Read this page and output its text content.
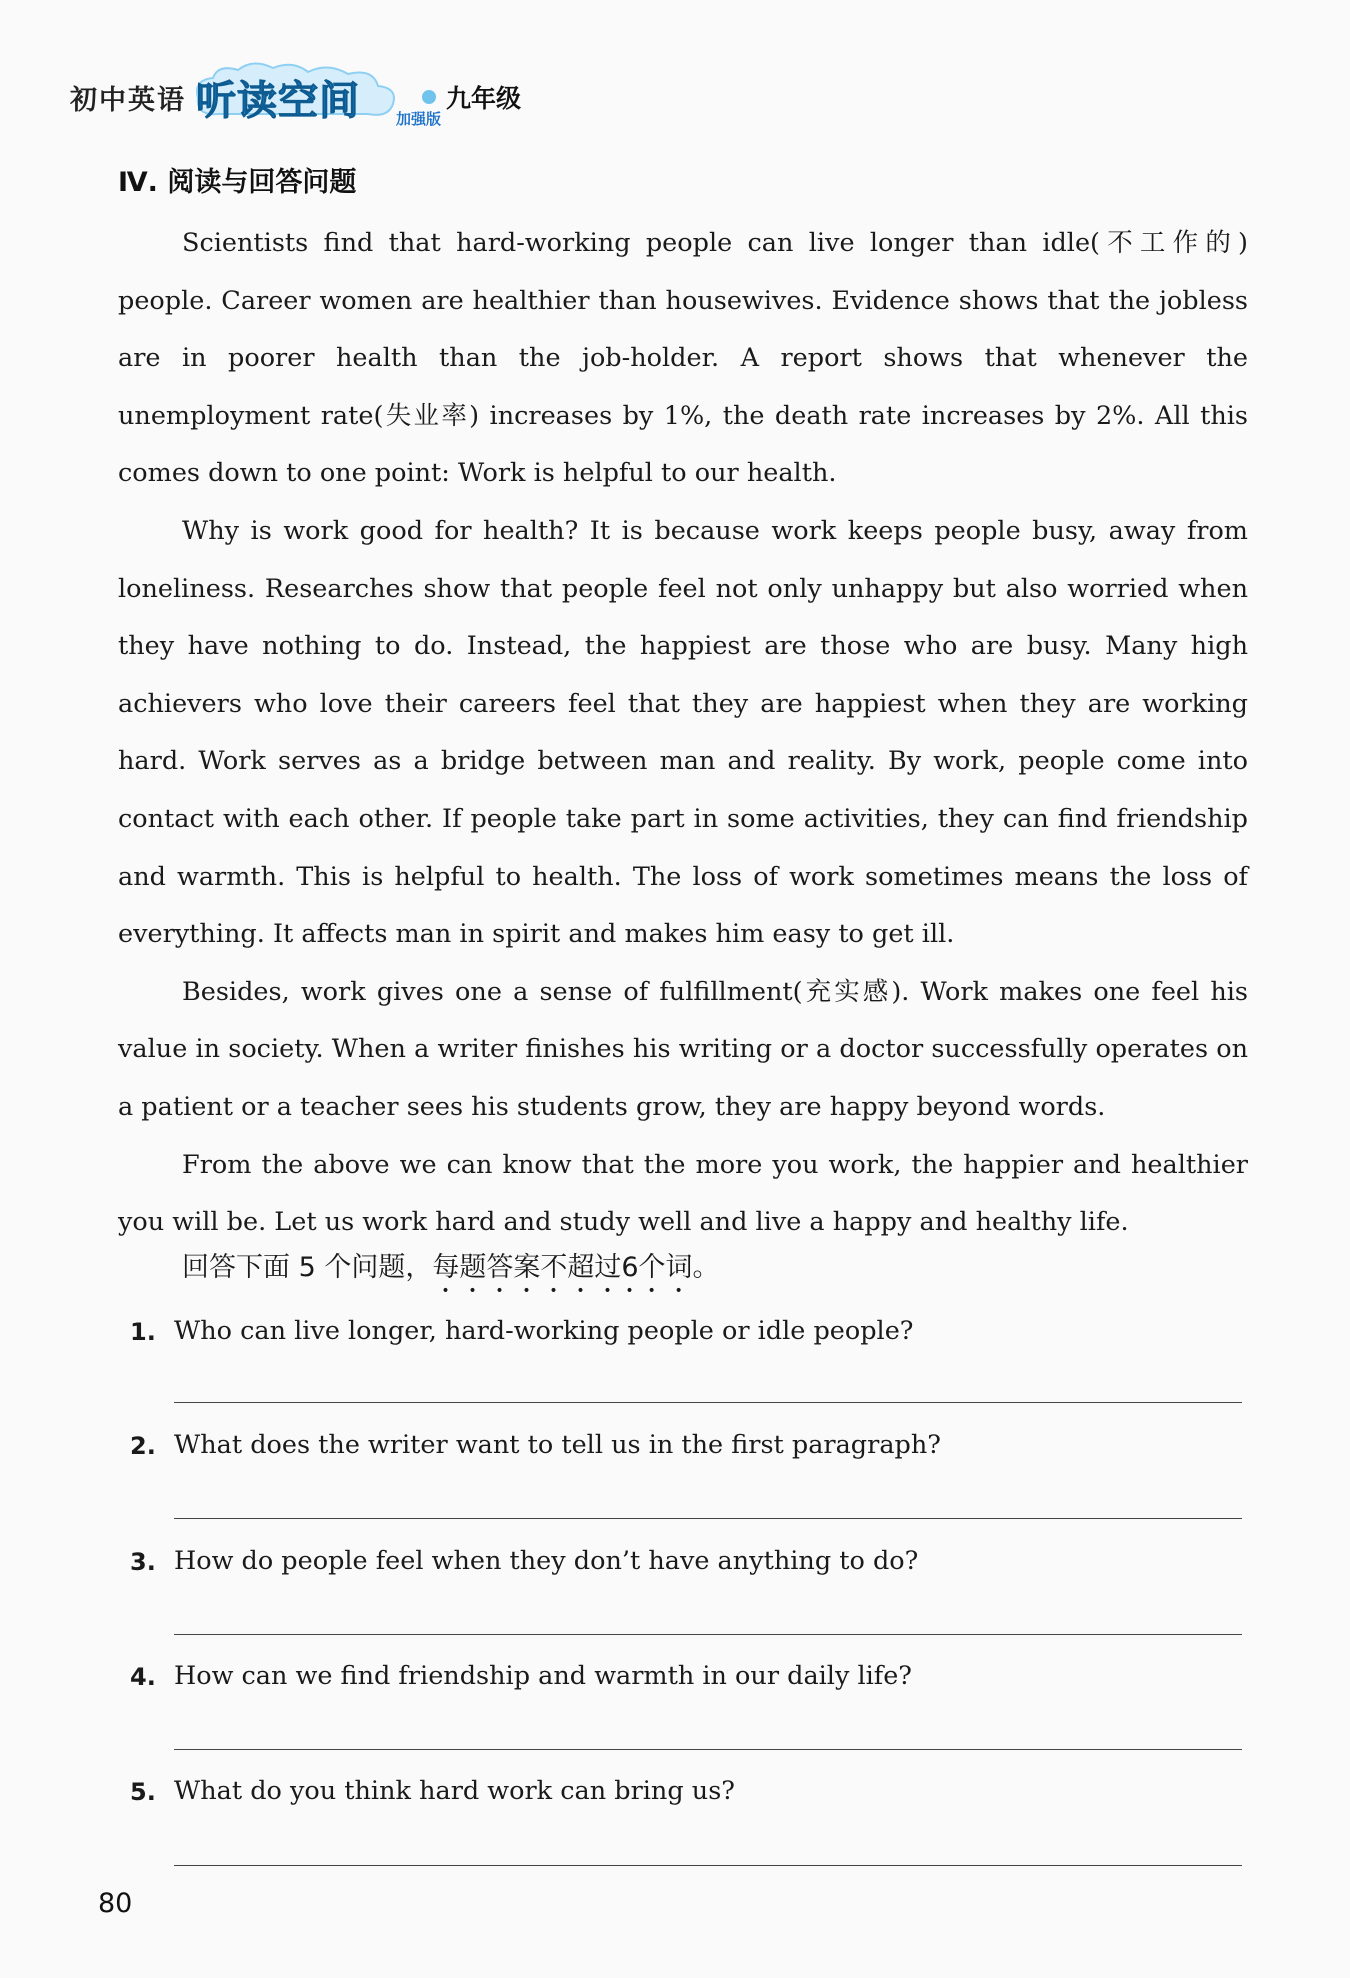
初中英语 听读空间 加强版
九年级
Ⅳ. 阅读与回答问题

Scientists find that hard-working people can live longer than idle(不工作的) people. Career women are healthier than housewives. Evidence shows that the jobless are in poorer health than the job-holder. A report shows that whenever the unemployment rate(失业率) increases by 1%, the death rate increases by 2%. All this comes down to one point: Work is helpful to our health.

Why is work good for health? It is because work keeps people busy, away from loneliness. Researches show that people feel not only unhappy but also worried when they have nothing to do. Instead, the happiest are those who are busy. Many high achievers who love their careers feel that they are happiest when they are working hard. Work serves as a bridge between man and reality. By work, people come into contact with each other. If people take part in some activities, they can find friendship and warmth. This is helpful to health. The loss of work sometimes means the loss of everything. It affects man in spirit and makes him easy to get ill.

Besides, work gives one a sense of fulfillment(充实感). Work makes one feel his value in society. When a writer finishes his writing or a doctor successfully operates on a patient or a teacher sees his students grow, they are happy beyond words.

From the above we can know that the more you work, the happier and healthier you will be. Let us work hard and study well and live a happy and healthy life.

回答下面 5 个问题，每题答案不超过6个词。
1. Who can live longer, hard-working people or idle people?
2. What does the writer want to tell us in the first paragraph?
3. How do people feel when they don’t have anything to do?
4. How can we find friendship and warmth in our daily life?
5. What do you think hard work can bring us?
80
